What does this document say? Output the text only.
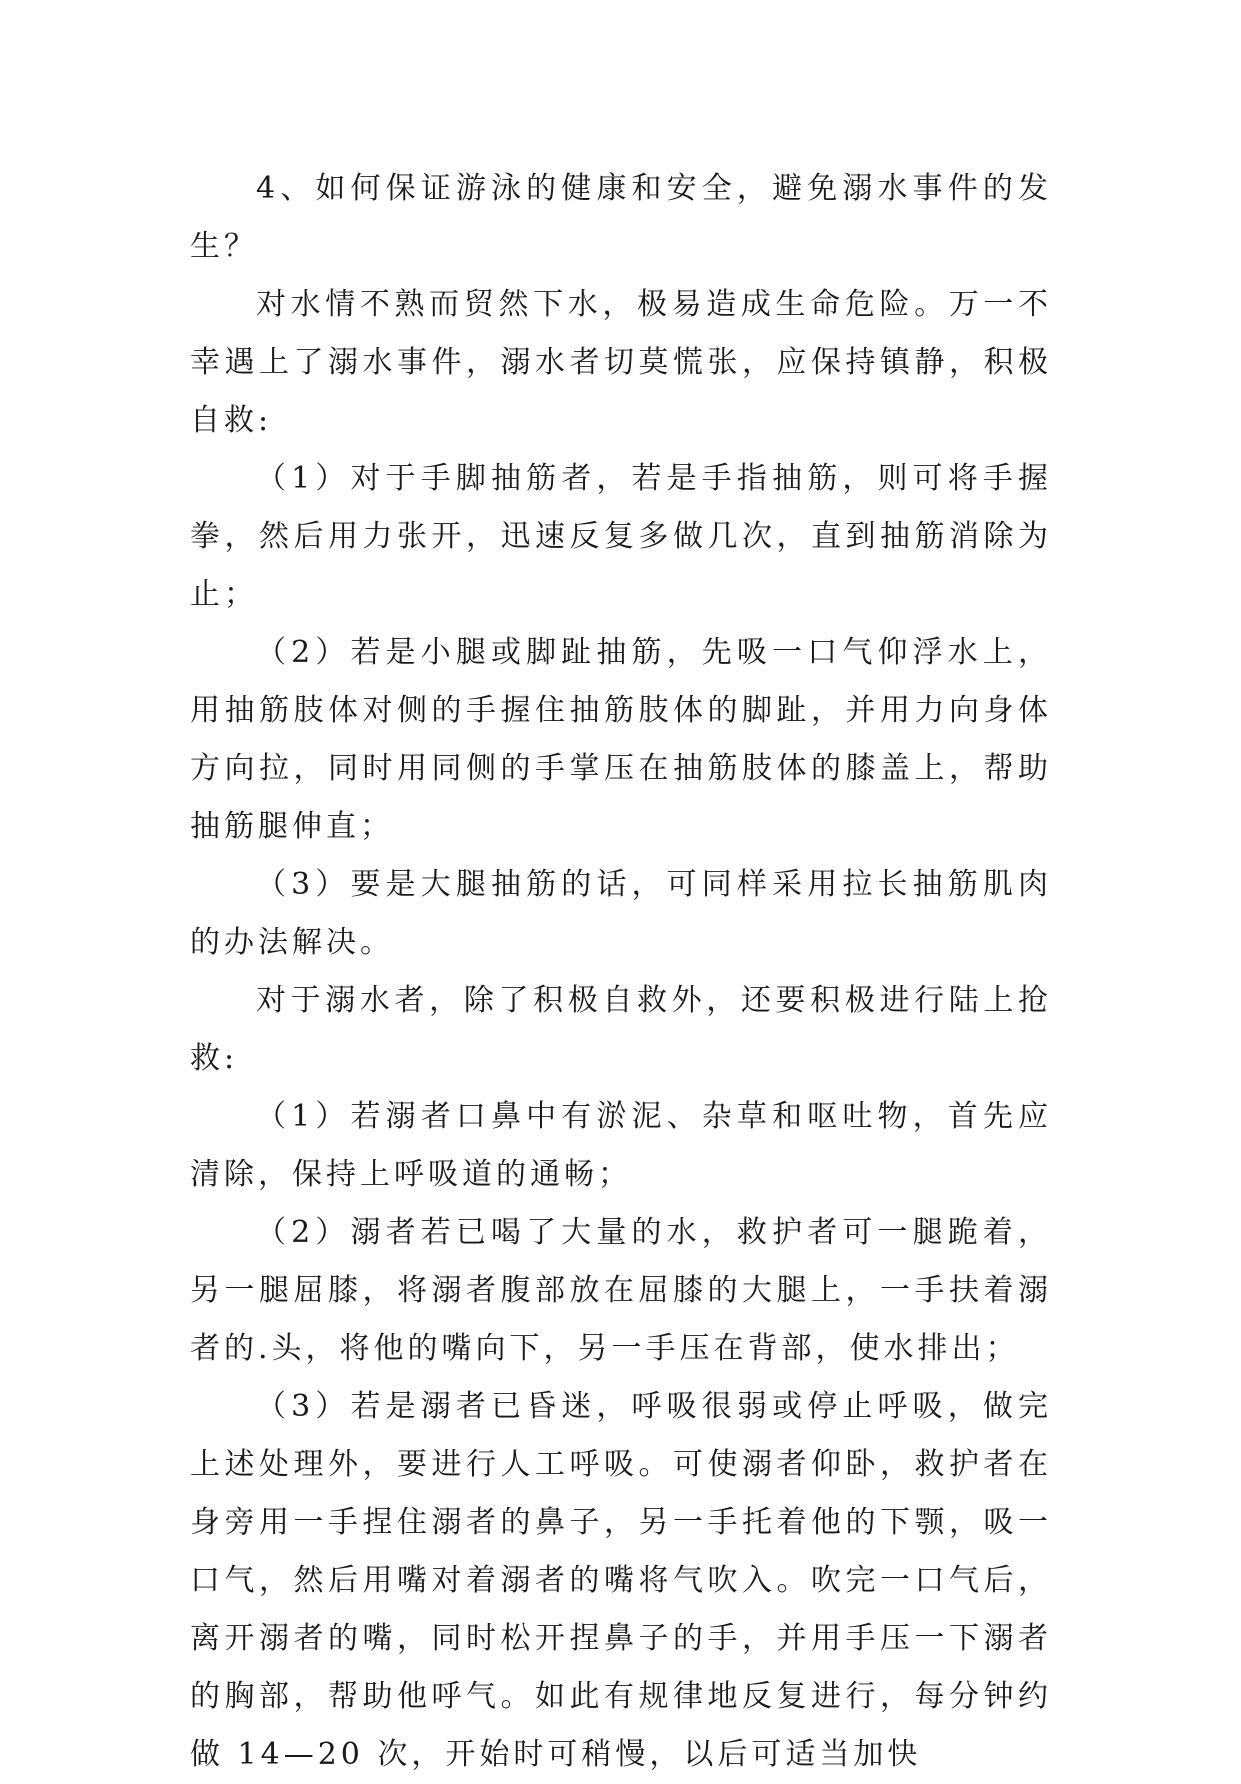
4、如何保证游泳的健康和安全，避免溺水事件的发生？

对水情不熟而贸然下水，极易造成生命危险。万一不幸遇上了溺水事件，溺水者切莫慌张，应保持镇静，积极自救:

（1）对于手脚抽筋者，若是手指抽筋，则可将手握拳，然后用力张开，迅速反复多做几次，直到抽筋消除为止；

（2）若是小腿或脚趾抽筋，先吸一口气仰浮水上，用抽筋肢体对侧的手握住抽筋肢体的脚趾，并用力向身体方向拉，同时用同侧的手掌压在抽筋肢体的膝盖上，帮助抽筋腿伸直；

（3）要是大腿抽筋的话，可同样采用拉长抽筋肌肉的办法解决。

对于溺水者，除了积极自救外，还要积极进行陆上抢救:

（1）若溺者口鼻中有淤泥、杂草和呕吐物，首先应清除，保持上呼吸道的通畅；

（2）溺者若已喝了大量的水，救护者可一腿跪着，另一腿屈膝，将溺者腹部放在屈膝的大腿上，一手扶着溺者的.头，将他的嘴向下，另一手压在背部，使水排出；

（3）若是溺者已昏迷，呼吸很弱或停止呼吸，做完上述处理外，要进行人工呼吸。可使溺者仰卧，救护者在身旁用一手捏住溺者的鼻子，另一手托着他的下颚，吸一口气，然后用嘴对着溺者的嘴将气吹入。吹完一口气后，离开溺者的嘴，同时松开捏鼻子的手，并用手压一下溺者的胸部，帮助他呼气。如此有规律地反复进行，每分钟约做 14—20 次，开始时可稍慢，以后可适当加快
